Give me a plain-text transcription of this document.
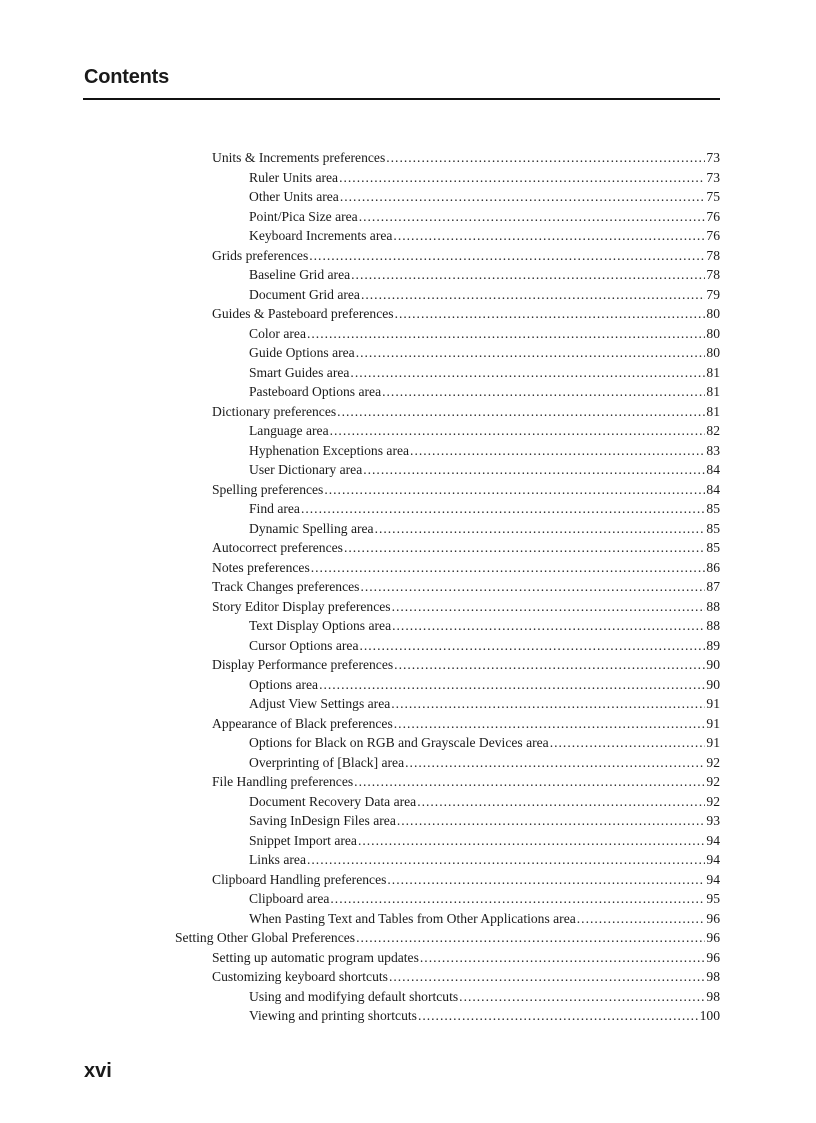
Contents
Units & Increments preferences .....	73
Ruler Units area .....	73
Other Units area .....	75
Point/Pica Size area .....	76
Keyboard Increments area .....	76
Grids preferences .....	78
Baseline Grid area .....	78
Document Grid area .....	79
Guides & Pasteboard preferences .....	80
Color area .....	80
Guide Options area .....	80
Smart Guides area .....	81
Pasteboard Options area .....	81
Dictionary preferences .....	81
Language area .....	82
Hyphenation Exceptions area .....	83
User Dictionary area .....	84
Spelling preferences .....	84
Find area .....	85
Dynamic Spelling area .....	85
Autocorrect preferences .....	85
Notes preferences .....	86
Track Changes preferences .....	87
Story Editor Display preferences .....	88
Text Display Options area .....	88
Cursor Options area .....	89
Display Performance preferences .....	90
Options area .....	90
Adjust View Settings area .....	91
Appearance of Black preferences .....	91
Options for Black on RGB and Grayscale Devices area .....	91
Overprinting of [Black] area .....	92
File Handling preferences .....	92
Document Recovery Data area .....	92
Saving InDesign Files area .....	93
Snippet Import area .....	94
Links area .....	94
Clipboard Handling preferences .....	94
Clipboard area .....	95
When Pasting Text and Tables from Other Applications area .....	96
Setting Other Global Preferences .....	96
Setting up automatic program updates .....	96
Customizing keyboard shortcuts .....	98
Using and modifying default shortcuts .....	98
Viewing and printing shortcuts .....	100
xvi
